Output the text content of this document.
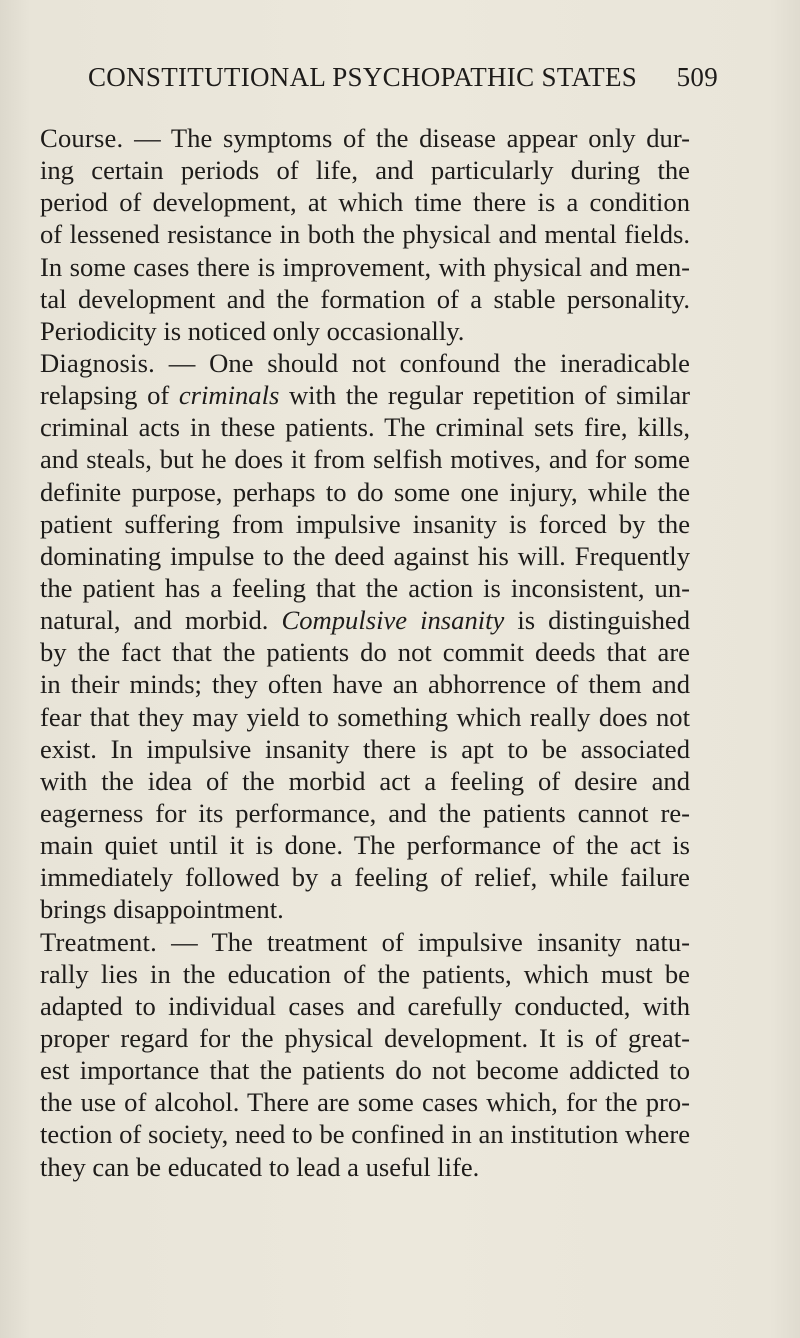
CONSTITUTIONAL PSYCHOPATHIC STATES 509
Course. — The symptoms of the disease appear only dur-
ing certain periods of life, and particularly during the
period of development, at which time there is a condition
of lessened resistance in both the physical and mental fields.
In some cases there is improvement, with physical and men-
tal development and the formation of a stable personality.
Periodicity is noticed only occasionally.
Diagnosis. — One should not confound the ineradicable
relapsing of criminals with the regular repetition of similar
criminal acts in these patients. The criminal sets fire, kills,
and steals, but he does it from selfish motives, and for some
definite purpose, perhaps to do some one injury, while the
patient suffering from impulsive insanity is forced by the
dominating impulse to the deed against his will. Frequently
the patient has a feeling that the action is inconsistent, un-
natural, and morbid. Compulsive insanity is distinguished
by the fact that the patients do not commit deeds that are
in their minds; they often have an abhorrence of them and
fear that they may yield to something which really does not
exist. In impulsive insanity there is apt to be associated
with the idea of the morbid act a feeling of desire and
eagerness for its performance, and the patients cannot re-
main quiet until it is done. The performance of the act is
immediately followed by a feeling of relief, while failure
brings disappointment.
Treatment. — The treatment of impulsive insanity natu-
rally lies in the education of the patients, which must be
adapted to individual cases and carefully conducted, with
proper regard for the physical development. It is of great-
est importance that the patients do not become addicted to
the use of alcohol. There are some cases which, for the pro-
tection of society, need to be confined in an institution where
they can be educated to lead a useful life.
